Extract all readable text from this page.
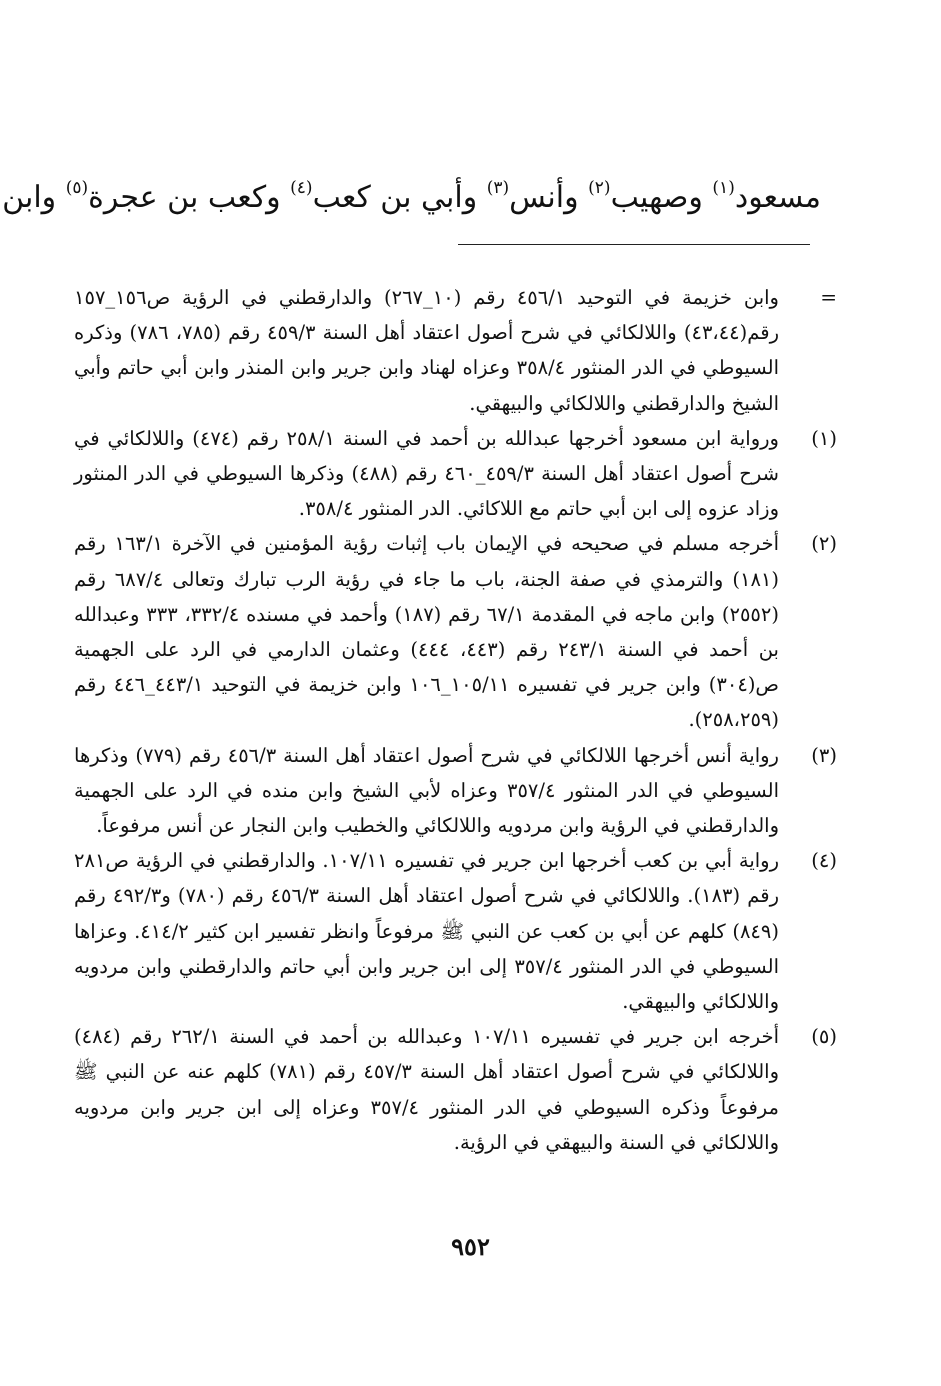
مسعود$^{(١)}$ وصهيب$^{(٢)}$ وأنس$^{(٣)}$ وأبي بن كعب$^{(٤)}$ وكعب بن عجرة$^{(٥)}$ وابن
=
وابن خزيمة في التوحيد ٤٥٦/١ رقم (١٠_٢٦٧) والدارقطني في الرؤية ص١٥٦_١٥٧ رقم(٤٣،٤٤) واللالكائي في شرح أصول اعتقاد أهل السنة ٤٥٩/٣ رقم (٧٨٥، ٧٨٦) وذكره السيوطي في الدر المنثور ٣٥٨/٤ وعزاه لهناد وابن جرير وابن المنذر وابن أبي حاتم وأبي الشيخ والدارقطني واللالكائي والبيهقي.
(١)
ورواية ابن مسعود أخرجها عبدالله بن أحمد في السنة ٢٥٨/١ رقم (٤٧٤) واللالكائي في شرح أصول اعتقاد أهل السنة ٤٥٩/٣_٤٦٠ رقم (٤٨٨) وذكرها السيوطي في الدر المنثور وزاد عزوه إلى ابن أبي حاتم مع اللاكائي. الدر المنثور ٣٥٨/٤.
(٢)
أخرجه مسلم في صحيحه في الإيمان باب إثبات رؤية المؤمنين في الآخرة ١٦٣/١ رقم (١٨١) والترمذي في صفة الجنة، باب ما جاء في رؤية الرب تبارك وتعالى ٦٨٧/٤ رقم (٢٥٥٢) وابن ماجه في المقدمة ٦٧/١ رقم (١٨٧) وأحمد في مسنده ٣٣٢/٤، ٣٣٣ وعبدالله بن أحمد في السنة ٢٤٣/١ رقم (٤٤٣، ٤٤٤) وعثمان الدارمي في الرد على الجهمية ص(٣٠٤) وابن جرير في تفسيره ١٠٥/١١_١٠٦ وابن خزيمة في التوحيد ٤٤٣/١_٤٤٦ رقم (٢٥٨،٢٥٩).
(٣)
رواية أنس أخرجها اللالكائي في شرح أصول اعتقاد أهل السنة ٤٥٦/٣ رقم (٧٧٩) وذكرها السيوطي في الدر المنثور ٣٥٧/٤ وعزاه لأبي الشيخ وابن منده في الرد على الجهمية والدارقطني في الرؤية وابن مردويه واللالكائي والخطيب وابن النجار عن أنس مرفوعاً.
(٤)
رواية أبي بن كعب أخرجها ابن جرير في تفسيره ١٠٧/١١. والدارقطني في الرؤية ص٢٨١ رقم (١٨٣). واللالكائي في شرح أصول اعتقاد أهل السنة ٤٥٦/٣ رقم (٧٨٠) و٤٩٢/٣ رقم (٨٤٩) كلهم عن أبي بن كعب عن النبي ﷺ مرفوعاً وانظر تفسير ابن كثير ٤١٤/٢. وعزاها السيوطي في الدر المنثور ٣٥٧/٤ إلى ابن جرير وابن أبي حاتم والدارقطني وابن مردويه واللالكائي والبيهقي.
(٥)
أخرجه ابن جرير في تفسيره ١٠٧/١١ وعبدالله بن أحمد في السنة ٢٦٢/١ رقم (٤٨٤) واللالكائي في شرح أصول اعتقاد أهل السنة ٤٥٧/٣ رقم (٧٨١) كلهم عنه عن النبي ﷺ مرفوعاً وذكره السيوطي في الدر المنثور ٣٥٧/٤ وعزاه إلى ابن جرير وابن مردويه واللالكائي في السنة والبيهقي في الرؤية.
٩٥٢
